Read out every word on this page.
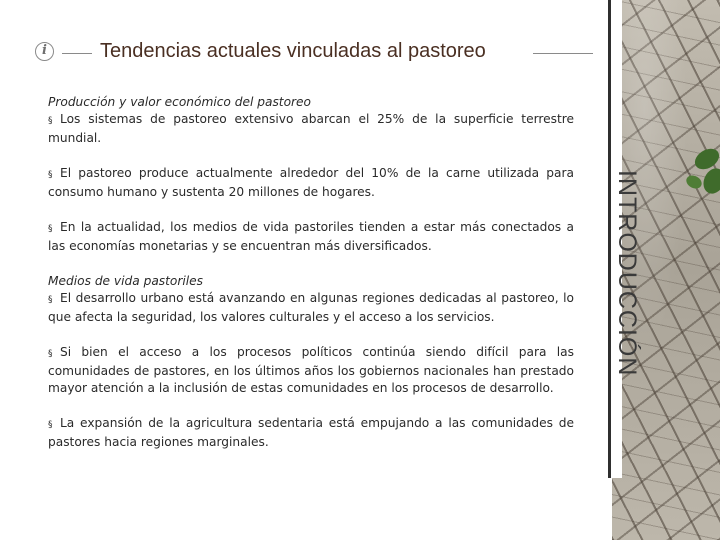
i	Tendencias actuales vinculadas al pastoreo

Producción y valor económico del pastoreo

§ Los sistemas de pastoreo extensivo abarcan el 25% de la superficie terrestre mundial.

§ El pastoreo produce actualmente alrededor del 10% de la carne utilizada para consumo humano y sustenta 20 millones de hogares.

§ En la actualidad, los medios de vida pastoriles tienden a estar más conectados a las economías monetarias y se encuentran más diversificados.

Medios de vida pastoriles

§ El desarrollo urbano está avanzando en algunas regiones dedicadas al pastoreo, lo que afecta la seguridad, los valores culturales y el acceso a los servicios.

§ Si bien el acceso a los procesos políticos continúa siendo difícil para las comunidades de pastores, en los últimos años los gobiernos nacionales han prestado mayor atención a la inclusión de estas comunidades en los procesos de desarrollo.

§ La expansión de la agricultura sedentaria está empujando a las comunidades de pastores hacia regiones marginales.

INTRODUCCIÓN
